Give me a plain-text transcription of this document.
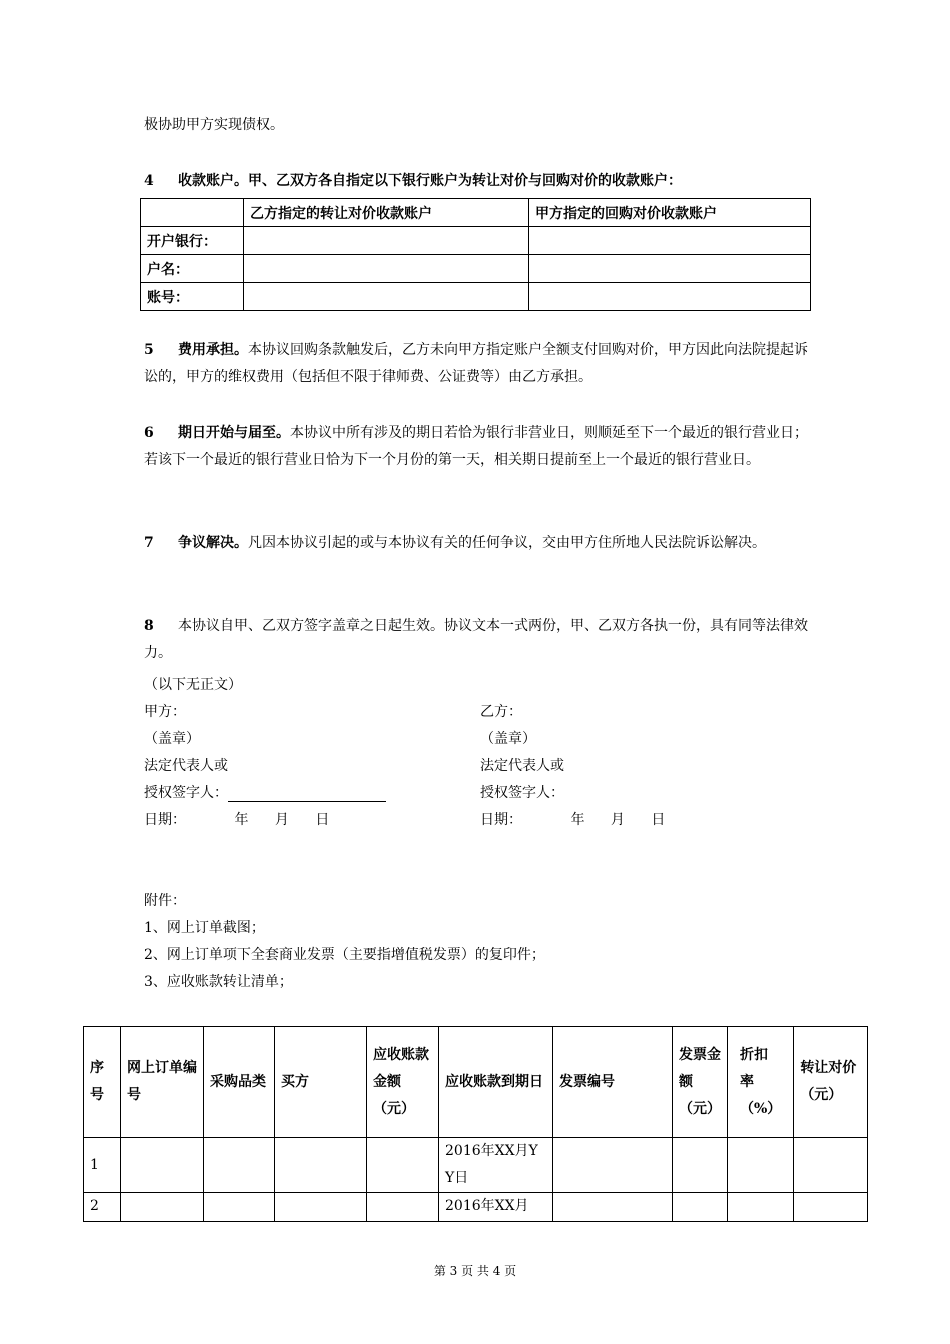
极协助甲方实现债权。
4 收款账户。甲、乙双方各自指定以下银行账户为转让对价与回购对价的收款账户：
	乙方指定的转让对价收款账户	甲方指定的回购对价收款账户
开户银行：		
户名：		
账号：		
5 费用承担。本协议回购条款触发后，乙方未向甲方指定账户全额支付回购对价，甲方因此向法院提起诉讼的，甲方的维权费用（包括但不限于律师费、公证费等）由乙方承担。
6 期日开始与届至。本协议中所有涉及的期日若恰为银行非营业日，则顺延至下一个最近的银行营业日；若该下一个最近的银行营业日恰为下一个月份的第一天，相关期日提前至上一个最近的银行营业日。
7 争议解决。凡因本协议引起的或与本协议有关的任何争议，交由甲方住所地人民法院诉讼解决。
8 本协议自甲、乙双方签字盖章之日起生效。协议文本一式两份，甲、乙双方各执一份，具有同等法律效力。
（以下无正文）
甲方：
（盖章）
法定代表人或
授权签字人：
日期：	年 月 日
乙方：
（盖章）
法定代表人或
授权签字人：
日期：	年 月 日
附件：
1、网上订单截图；
2、网上订单项下全套商业发票（主要指增值税发票）的复印件；
3、应收账款转让清单；
序号	网上订单编号	采购品类	买方	应收账款金额（元）	应收账款到期日	发票编号	发票金额（元）	折扣率（%）	转让对价（元）
1					2016年XX月YY日				
2					2016年XX月				
第 3 页 共 4 页
